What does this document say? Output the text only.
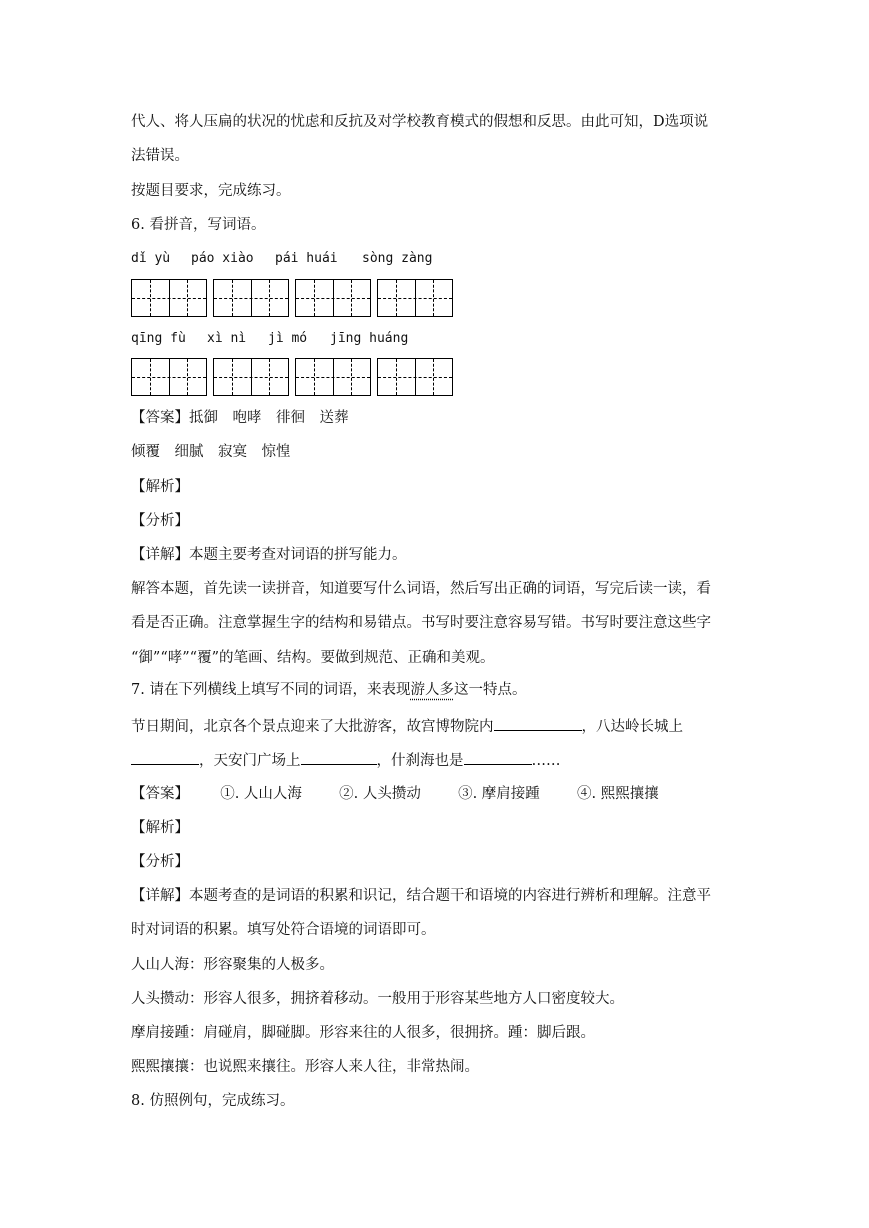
代人、将人压扁的状况的忧虑和反抗及对学校教育模式的假想和反思。由此可知，D选项说
法错误。
按题目要求，完成练习。
6. 看拼音，写词语。
dǐ yù páo xiào pái huái sòng zàng
qīng fù xì nì jì mó jīng huáng
【答案】抵御　咆哮　徘徊　送葬
倾覆　细腻　寂寞　惊惶
【解析】
【分析】
【详解】本题主要考查对词语的拼写能力。
解答本题，首先读一读拼音，知道要写什么词语，然后写出正确的词语，写完后读一读，看
看是否正确。注意掌握生字的结构和易错点。书写时要注意容易写错。书写时要注意这些字
“御”“哮”“覆”的笔画、结构。要做到规范、正确和美观。
7. 请在下列横线上填写不同的词语，来表现游人多这一特点。
节日期间，北京各个景点迎来了大批游客，故宫博物院内	，八达岭长城上
，天安门广场上	，什刹海也是	……
【答案】 ①. 人山人海	②. 人头攒动	③. 摩肩接踵	④. 熙熙攘攘
【解析】
【分析】
【详解】本题考查的是词语的积累和识记，结合题干和语境的内容进行辨析和理解。注意平
时对词语的积累。填写处符合语境的词语即可。
人山人海：形容聚集的人极多。
人头攒动：形容人很多，拥挤着移动。一般用于形容某些地方人口密度较大。
摩肩接踵：肩碰肩，脚碰脚。形容来往的人很多，很拥挤。踵：脚后跟。
熙熙攘攘：也说熙来攘往。形容人来人往，非常热闹。
8. 仿照例句，完成练习。
